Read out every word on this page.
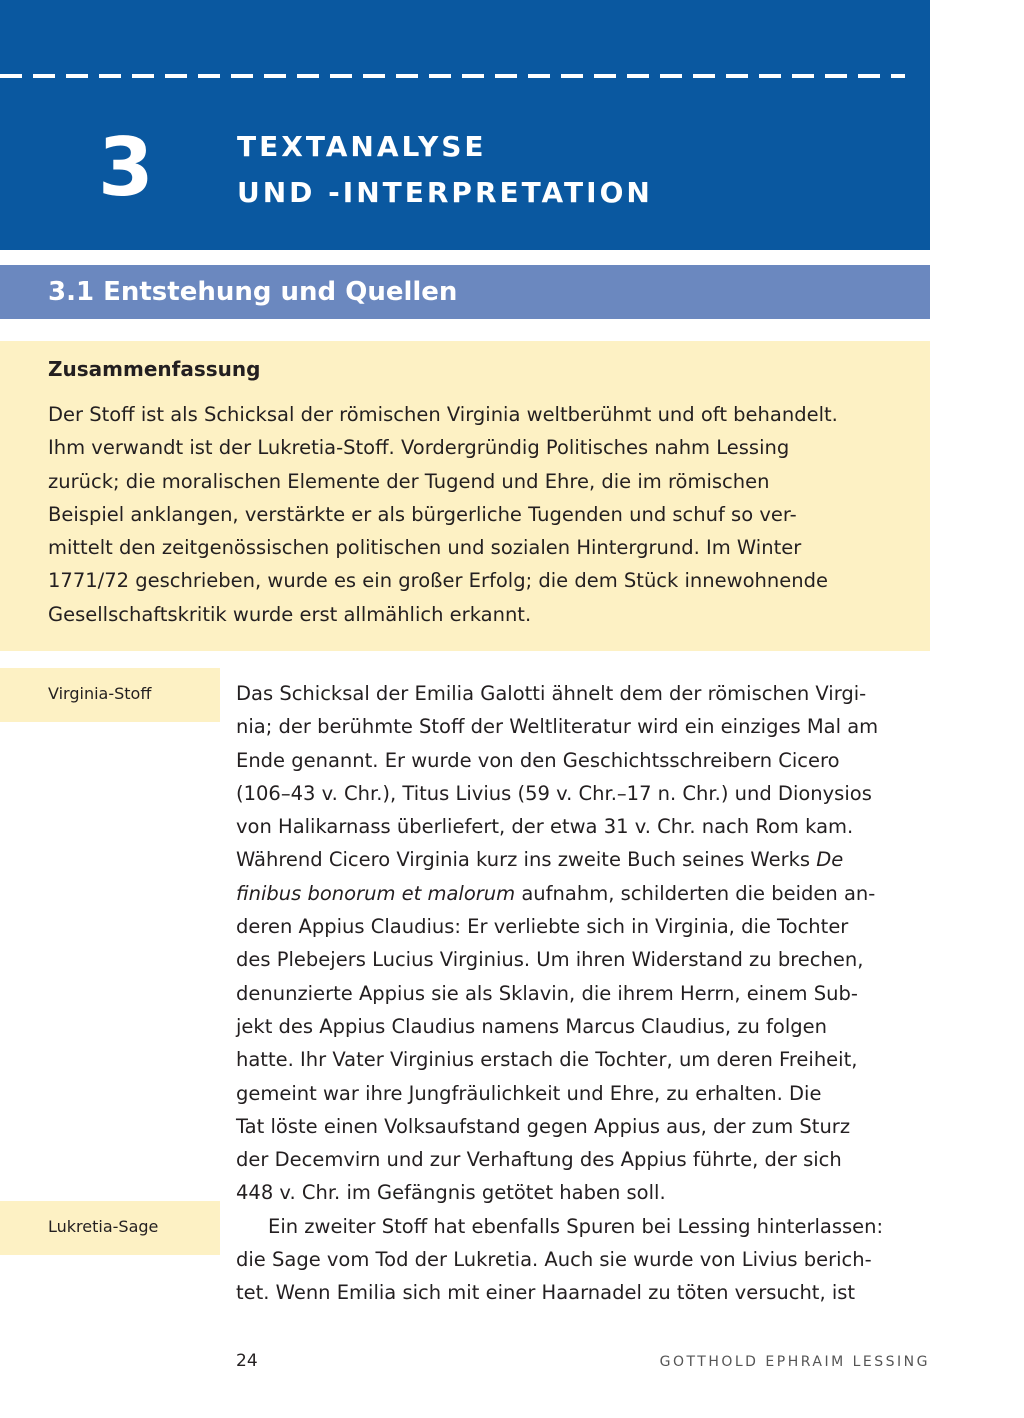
3	TEXTANALYSE
UND -INTERPRETATION
3.1 Entstehung und Quellen
Zusammenfassung

Der Stoff ist als Schicksal der römischen Virginia weltberühmt und oft behandelt.
Ihm verwandt ist der Lukretia-Stoff. Vordergründig Politisches nahm Lessing
zurück; die moralischen Elemente der Tugend und Ehre, die im römischen
Beispiel anklangen, verstärkte er als bürgerliche Tugenden und schuf so ver-
mittelt den zeitgenössischen politischen und sozialen Hintergrund. Im Winter
1771/72 geschrieben, wurde es ein großer Erfolg; die dem Stück innewohnende
Gesellschaftskritik wurde erst allmählich erkannt.

Virginia-Stoff
Lukretia-Sage
Das Schicksal der Emilia Galotti ähnelt dem der römischen Virgi-
nia; der berühmte Stoff der Weltliteratur wird ein einziges Mal am
Ende genannt. Er wurde von den Geschichtsschreibern Cicero
(106–43 v. Chr.), Titus Livius (59 v. Chr.–17 n. Chr.) und Dionysios
von Halikarnass überliefert, der etwa 31 v. Chr. nach Rom kam.
Während Cicero Virginia kurz ins zweite Buch seines Werks De
finibus bonorum et malorum aufnahm, schilderten die beiden an-
deren Appius Claudius: Er verliebte sich in Virginia, die Tochter
des Plebejers Lucius Virginius. Um ihren Widerstand zu brechen,
denunzierte Appius sie als Sklavin, die ihrem Herrn, einem Sub-
jekt des Appius Claudius namens Marcus Claudius, zu folgen
hatte. Ihr Vater Virginius erstach die Tochter, um deren Freiheit,
gemeint war ihre Jungfräulichkeit und Ehre, zu erhalten. Die
Tat löste einen Volksaufstand gegen Appius aus, der zum Sturz
der Decemvirn und zur Verhaftung des Appius führte, der sich
448 v. Chr. im Gefängnis getötet haben soll.
Ein zweiter Stoff hat ebenfalls Spuren bei Lessing hinterlassen:
die Sage vom Tod der Lukretia. Auch sie wurde von Livius berich-
tet. Wenn Emilia sich mit einer Haarnadel zu töten versucht, ist
24	GOTTHOLD EPHRAIM LESSING
